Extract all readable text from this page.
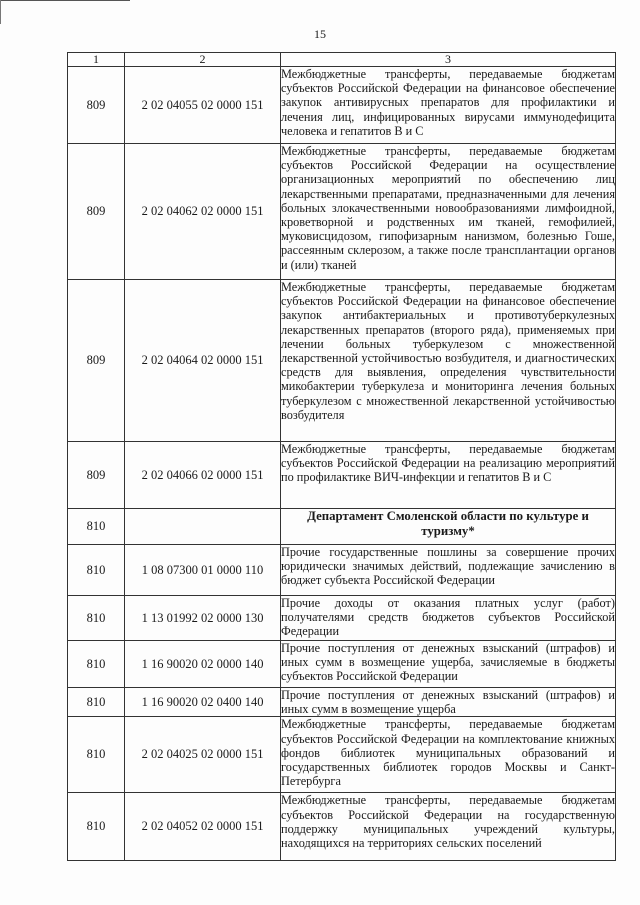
15
1	2	3
809	2 02 04055 02 0000 151	Межбюджетные трансферты, передаваемые бюджетам субъектов Российской Федерации на финансовое обеспечение закупок антивирусных препаратов для профилактики и лечения лиц, инфицированных вирусами иммунодефицита человека и гепатитов В и С
809	2 02 04062 02 0000 151	Межбюджетные трансферты, передаваемые бюджетам субъектов Российской Федерации на осуществление организационных мероприятий по обеспечению лиц лекарственными препаратами, предназначенными для лечения больных злокачественными новообразованиями лимфоидной, кроветворной и родственных им тканей, гемофилией, муковисцидозом, гипофизарным нанизмом, болезнью Гоше, рассеянным склерозом, а также после трансплантации органов и (или) тканей
809	2 02 04064 02 0000 151	Межбюджетные трансферты, передаваемые бюджетам субъектов Российской Федерации на финансовое обеспечение закупок антибактериальных и противотуберкулезных лекарственных препаратов (второго ряда), применяемых при лечении больных туберкулезом с множественной лекарственной устойчивостью возбудителя, и диагностических средств для выявления, определения чувствительности микобактерии туберкулеза и мониторинга лечения больных туберкулезом с множественной лекарственной устойчивостью возбудителя
809	2 02 04066 02 0000 151	Межбюджетные трансферты, передаваемые бюджетам субъектов Российской Федерации на реализацию мероприятий по профилактике ВИЧ-инфекции и гепатитов В и С
810		Департамент Смоленской области по культуре и туризму*
810	1 08 07300 01 0000 110	Прочие государственные пошлины за совершение прочих юридически значимых действий, подлежащие зачислению в бюджет субъекта Российской Федерации
810	1 13 01992 02 0000 130	Прочие доходы от оказания платных услуг (работ) получателями средств бюджетов субъектов Российской Федерации
810	1 16 90020 02 0000 140	Прочие поступления от денежных взысканий (штрафов) и иных сумм в возмещение ущерба, зачисляемые в бюджеты субъектов Российской Федерации
810	1 16 90020 02 0400 140	Прочие поступления от денежных взысканий (штрафов) и иных сумм в возмещение ущерба
810	2 02 04025 02 0000 151	Межбюджетные трансферты, передаваемые бюджетам субъектов Российской Федерации на комплектование книжных фондов библиотек муниципальных образований и государственных библиотек городов Москвы и Санкт-Петербурга
810	2 02 04052 02 0000 151	Межбюджетные трансферты, передаваемые бюджетам субъектов Российской Федерации на государственную поддержку муниципальных учреждений культуры, находящихся на территориях сельских поселений
